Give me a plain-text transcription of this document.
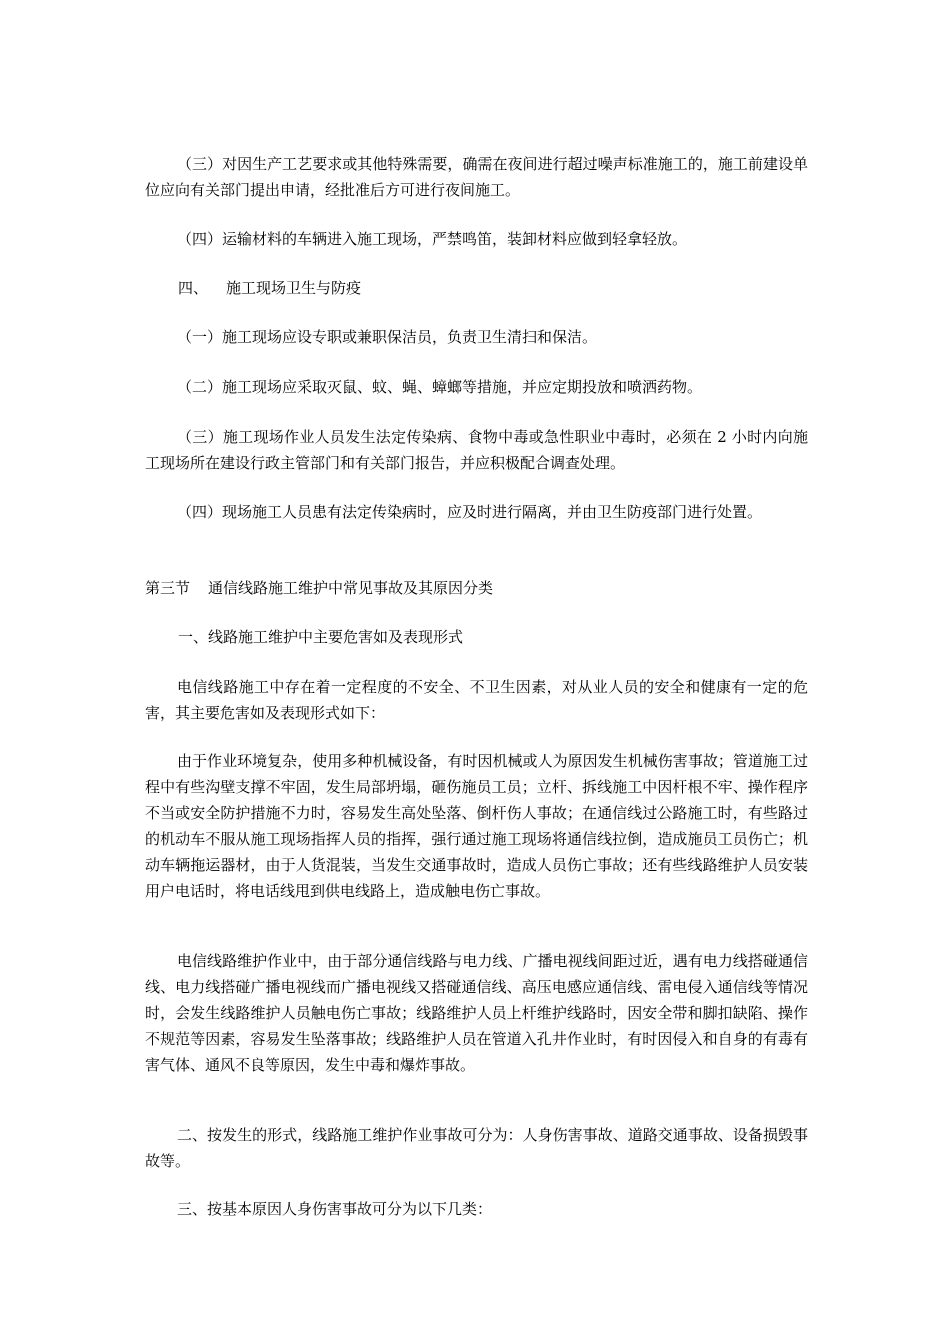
（三）对因生产工艺要求或其他特殊需要，确需在夜间进行超过噪声标准施工的，施工前建设单位应向有关部门提出申请，经批准后方可进行夜间施工。

（四）运输材料的车辆进入施工现场，严禁鸣笛，装卸材料应做到轻拿轻放。

四、 施工现场卫生与防疫

（一）施工现场应设专职或兼职保洁员，负责卫生清扫和保洁。

（二）施工现场应采取灭鼠、蚊、蝇、蟑螂等措施，并应定期投放和喷洒药物。

（三）施工现场作业人员发生法定传染病、食物中毒或急性职业中毒时，必须在 2 小时内向施工现场所在建设行政主管部门和有关部门报告，并应积极配合调查处理。

（四）现场施工人员患有法定传染病时，应及时进行隔离，并由卫生防疫部门进行处置。

第三节 通信线路施工维护中常见事故及其原因分类
一、线路施工维护中主要危害如及表现形式

电信线路施工中存在着一定程度的不安全、不卫生因素，对从业人员的安全和健康有一定的危害，其主要危害如及表现形式如下：

由于作业环境复杂，使用多种机械设备，有时因机械或人为原因发生机械伤害事故；管道施工过程中有些沟壁支撑不牢固，发生局部坍塌，砸伤施员工员；立杆、拆线施工中因杆根不牢、操作程序不当或安全防护措施不力时，容易发生高处坠落、倒杆伤人事故；在通信线过公路施工时，有些路过的机动车不服从施工现场指挥人员的指挥，强行通过施工现场将通信线拉倒，造成施员工员伤亡；机动车辆拖运器材，由于人货混装，当发生交通事故时，造成人员伤亡事故；还有些线路维护人员安装用户电话时，将电话线甩到供电线路上，造成触电伤亡事故。

电信线路维护作业中，由于部分通信线路与电力线、广播电视线间距过近，遇有电力线搭碰通信线、电力线搭碰广播电视线而广播电视线又搭碰通信线、高压电感应通信线、雷电侵入通信线等情况时，会发生线路维护人员触电伤亡事故；线路维护人员上杆维护线路时，因安全带和脚扣缺陷、操作不规范等因素，容易发生坠落事故；线路维护人员在管道入孔井作业时，有时因侵入和自身的有毒有害气体、通风不良等原因，发生中毒和爆炸事故。

二、按发生的形式，线路施工维护作业事故可分为：人身伤害事故、道路交通事故、设备损毁事故等。

三、按基本原因人身伤害事故可分为以下几类：
